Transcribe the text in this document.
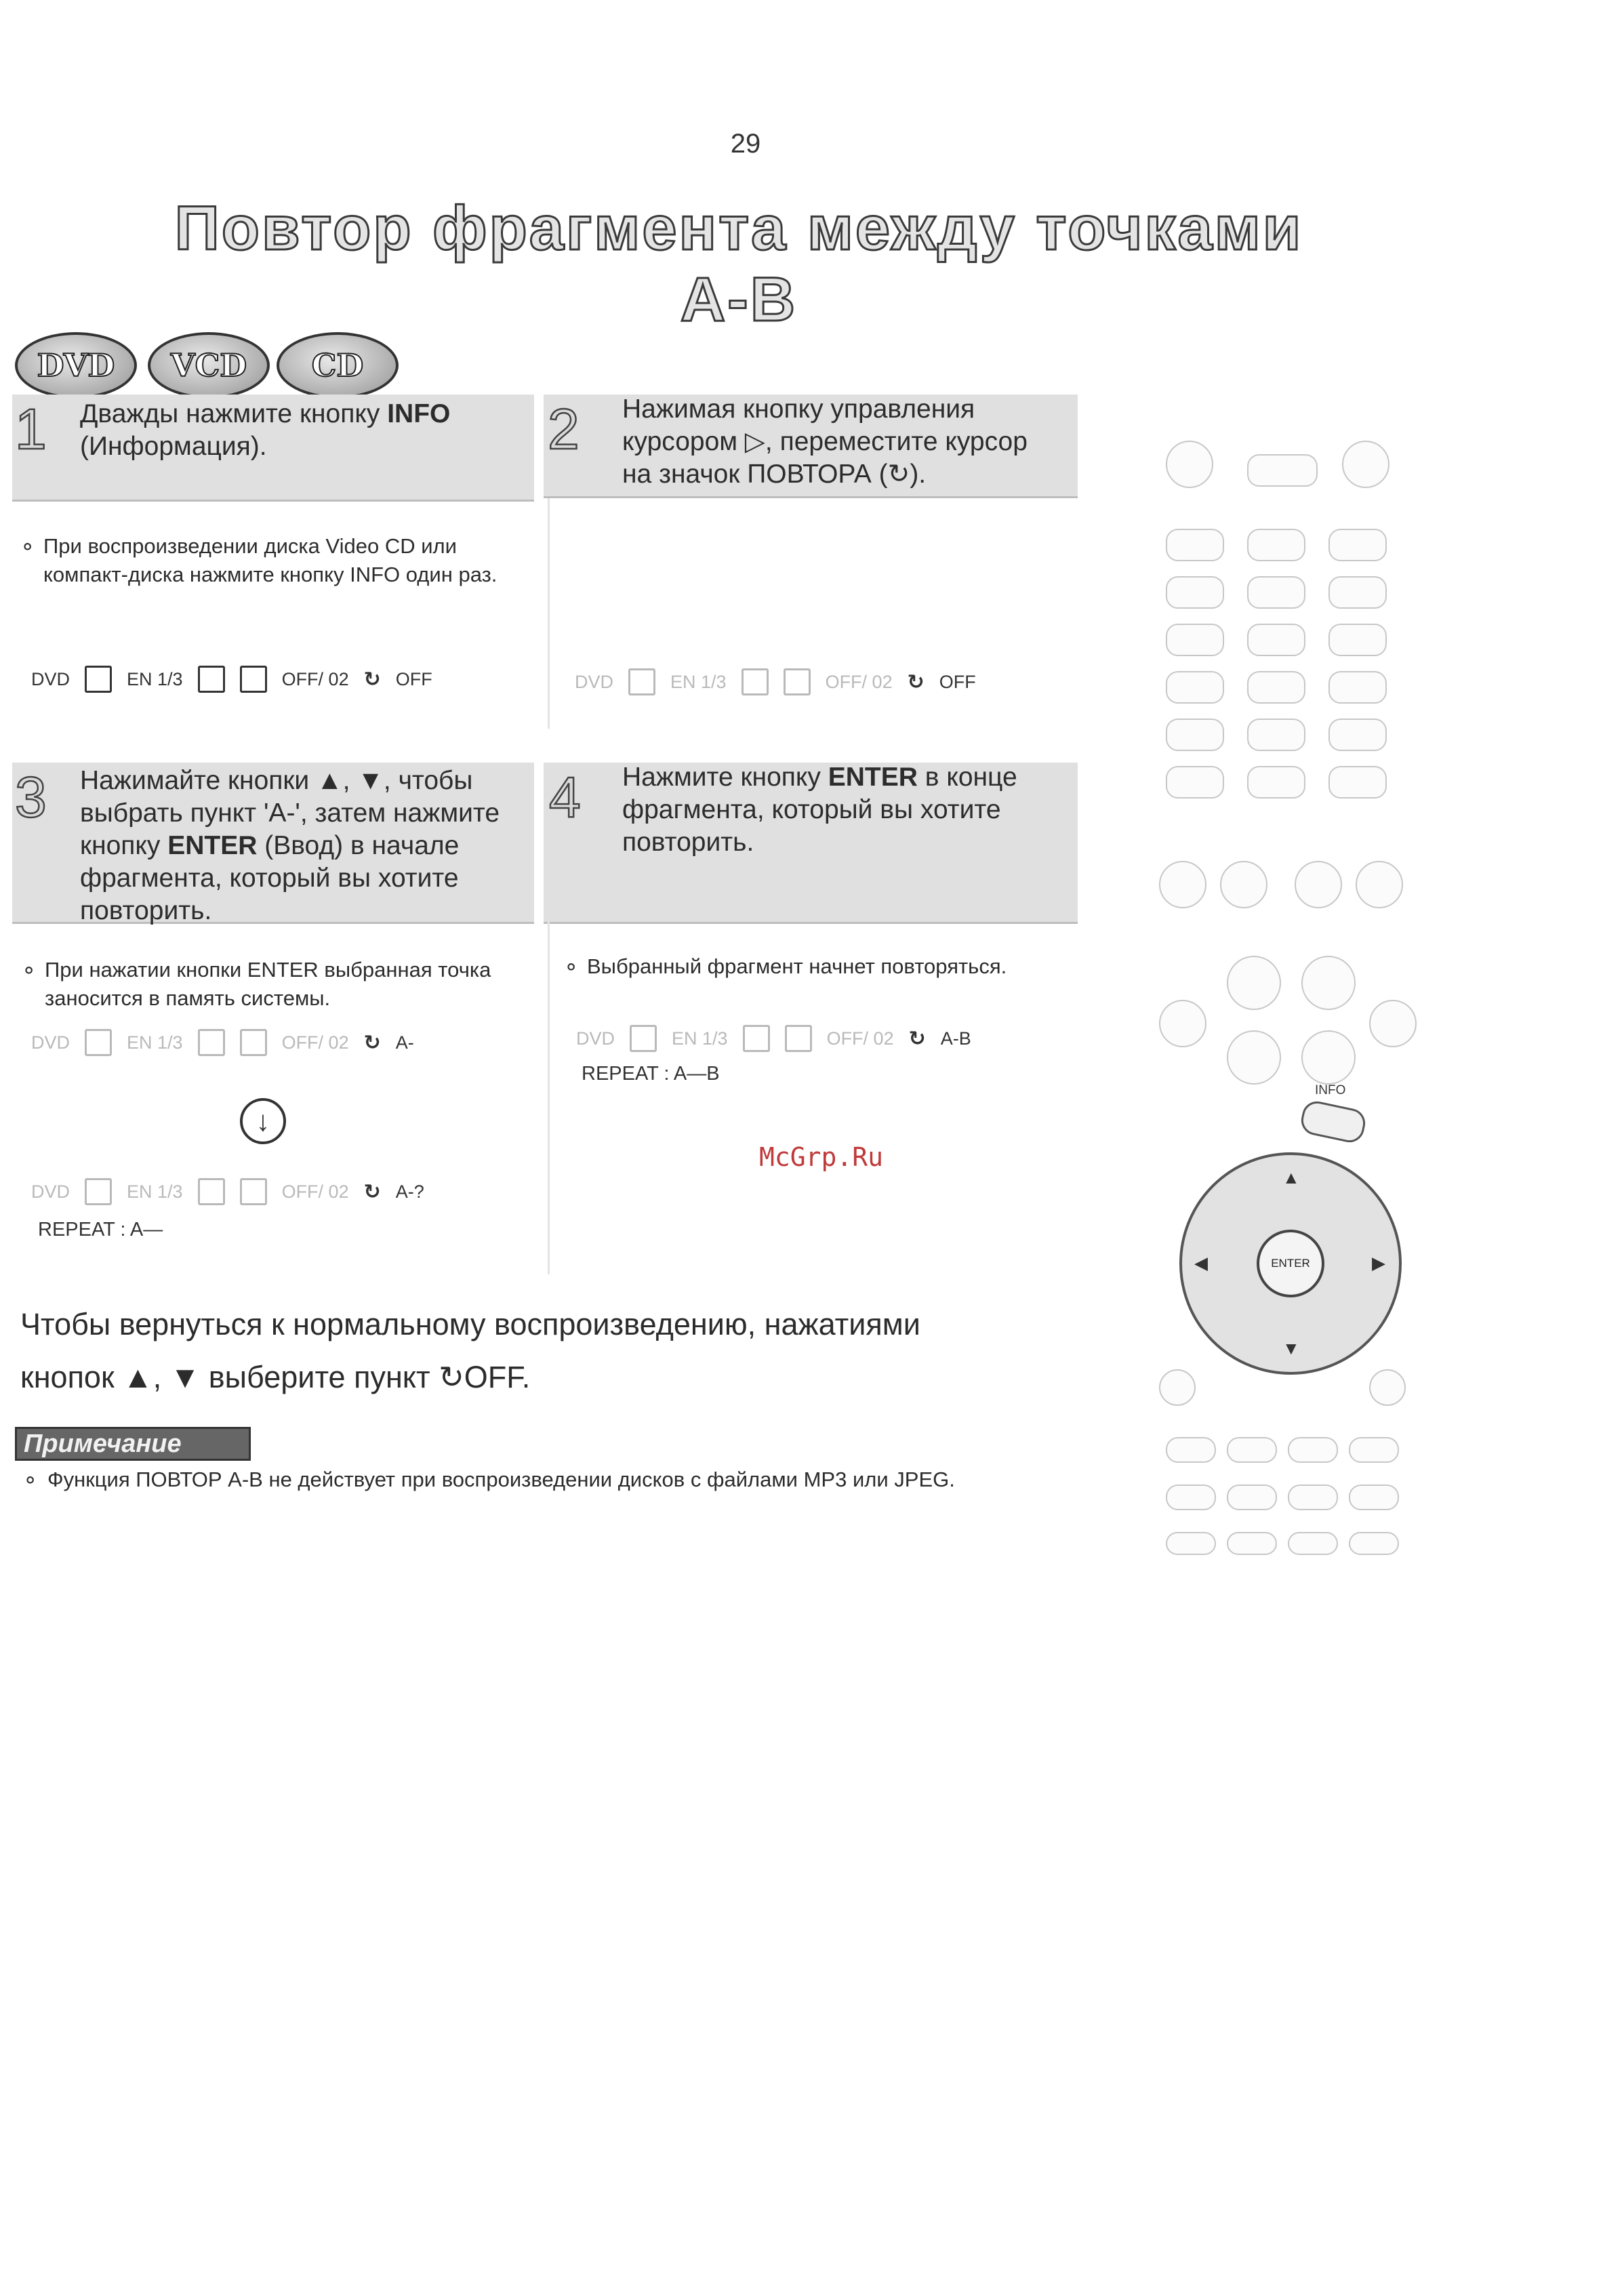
29
Повтор фрагмента между точками A-B
DVD	VCD	CD
1 Дважды нажмите кнопку INFO
(Информация).	2 Нажимая кнопку управления
курсором ▷, переместите курсор
на значок ПОВТОРА (↻).
∘ При воспроизведении диска Video CD или компакт-диска нажмите кнопку INFO один раз.
DVD	EN 1/3	OFF/ 02 ↻ OFF	DVD	EN 1/3	OFF/ 02 ↻ OFF
3 Нажимайте кнопки ▲, ▼, чтобы
выбрать пункт 'A-', затем нажмите
кнопку ENTER (Ввод) в начале
фрагмента, который вы хотите
повторить.
4 Нажмите кнопку ENTER в конце
фрагмента, который вы хотите
повторить.
∘ При нажатии кнопки ENTER выбранная точка заносится в память системы.
∘ Выбранный фрагмент начнет повторяться.
DVD	EN 1/3	OFF/ 02 ↻ A-
↓
DVD	EN 1/3	OFF/ 02 ↻ A-?
REPEAT : A—
DVD	EN 1/3	OFF/ 02 ↻ A-B
REPEAT : A—B
McGrp.Ru
Чтобы вернуться к нормальному воспроизведению, нажатиями
кнопок ▲, ▼ выберите пункт ↻OFF.
Примечание
∘ Функция ПОВТОР А-В не действует при воспроизведении дисков с файлами MP3 или JPEG.
INFO
▲
▼
◀	▶
ENTER
